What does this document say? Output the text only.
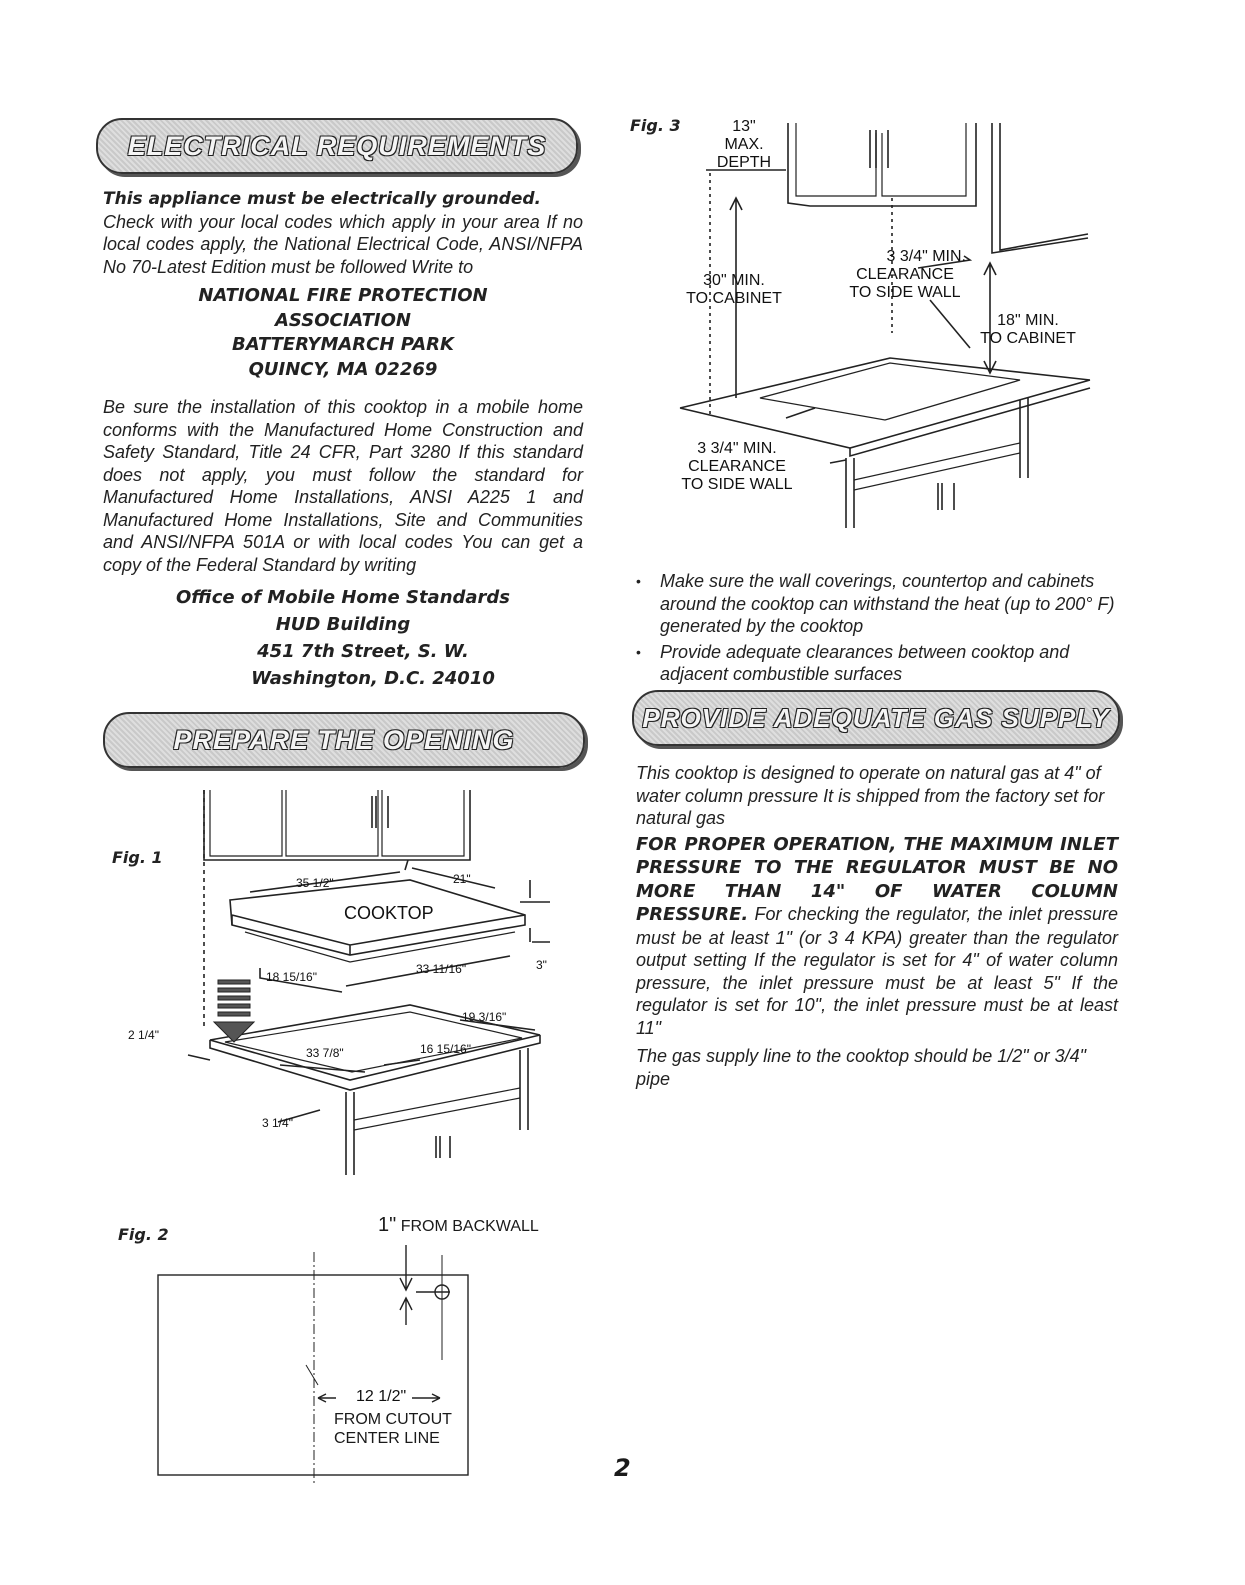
ELECTRICAL REQUIREMENTS

This appliance must be electrically grounded.

Check with your local codes which apply in your area If no local codes apply, the National Electrical Code, ANSI/NFPA No 70-Latest Edition must be followed Write to

NATIONAL FIRE PROTECTION
ASSOCIATION
BATTERYMARCH PARK
QUINCY, MA 02269

Be sure the installation of this cooktop in a mobile home conforms with the Manufactured Home Construction and Safety Standard, Title 24 CFR, Part 3280 If this standard does not apply, you must follow the standard for Manufactured Home Installations, ANSI A225 1 and Manufactured Home Installations, Site and Communities and ANSI/NFPA 501A or with local codes You can get a copy of the Federal Standard by writing

Office of Mobile Home Standards
HUD Building
451 7th Street, S. W.
Washington, D.C. 24010
PREPARE THE OPENING
Fig. 1
35 1/2"	21"
COOKTOP
18 15/16"
33 11/16"	3"
2 1/4"
19 3/16"
33 7/8"	16 15/16"
3 1/4"
Fig. 2	1" FROM BACKWALL
12 1/2"
FROM CUTOUT
CENTER LINE
Fig. 3	13"
MAX.
DEPTH
30" MIN.
TO CABINET
3 3/4" MIN.
CLEARANCE
TO SIDE WALL
18" MIN.
TO CABINET
3 3/4" MIN.
CLEARANCE
TO SIDE WALL
• Make sure the wall coverings, countertop and cabinets around the cooktop can withstand the heat (up to 200° F) generated by the cooktop
• Provide adequate clearances between cooktop and adjacent combustible surfaces
PROVIDE ADEQUATE GAS SUPPLY

This cooktop is designed to operate on natural gas at 4" of water column pressure It is shipped from the factory set for natural gas

FOR PROPER OPERATION, THE MAXIMUM INLET PRESSURE TO THE REGULATOR MUST BE NO MORE THAN 14" OF WATER COLUMN PRESSURE. For checking the regulator, the inlet pressure must be at least 1" (or 3 4 KPA) greater than the regulator output setting If the regulator is set for 4" of water column pressure, the inlet pressure must be at least 5" If the regulator is set for 10", the inlet pressure must be at least 11"

The gas supply line to the cooktop should be 1/2" or 3/4" pipe

2
